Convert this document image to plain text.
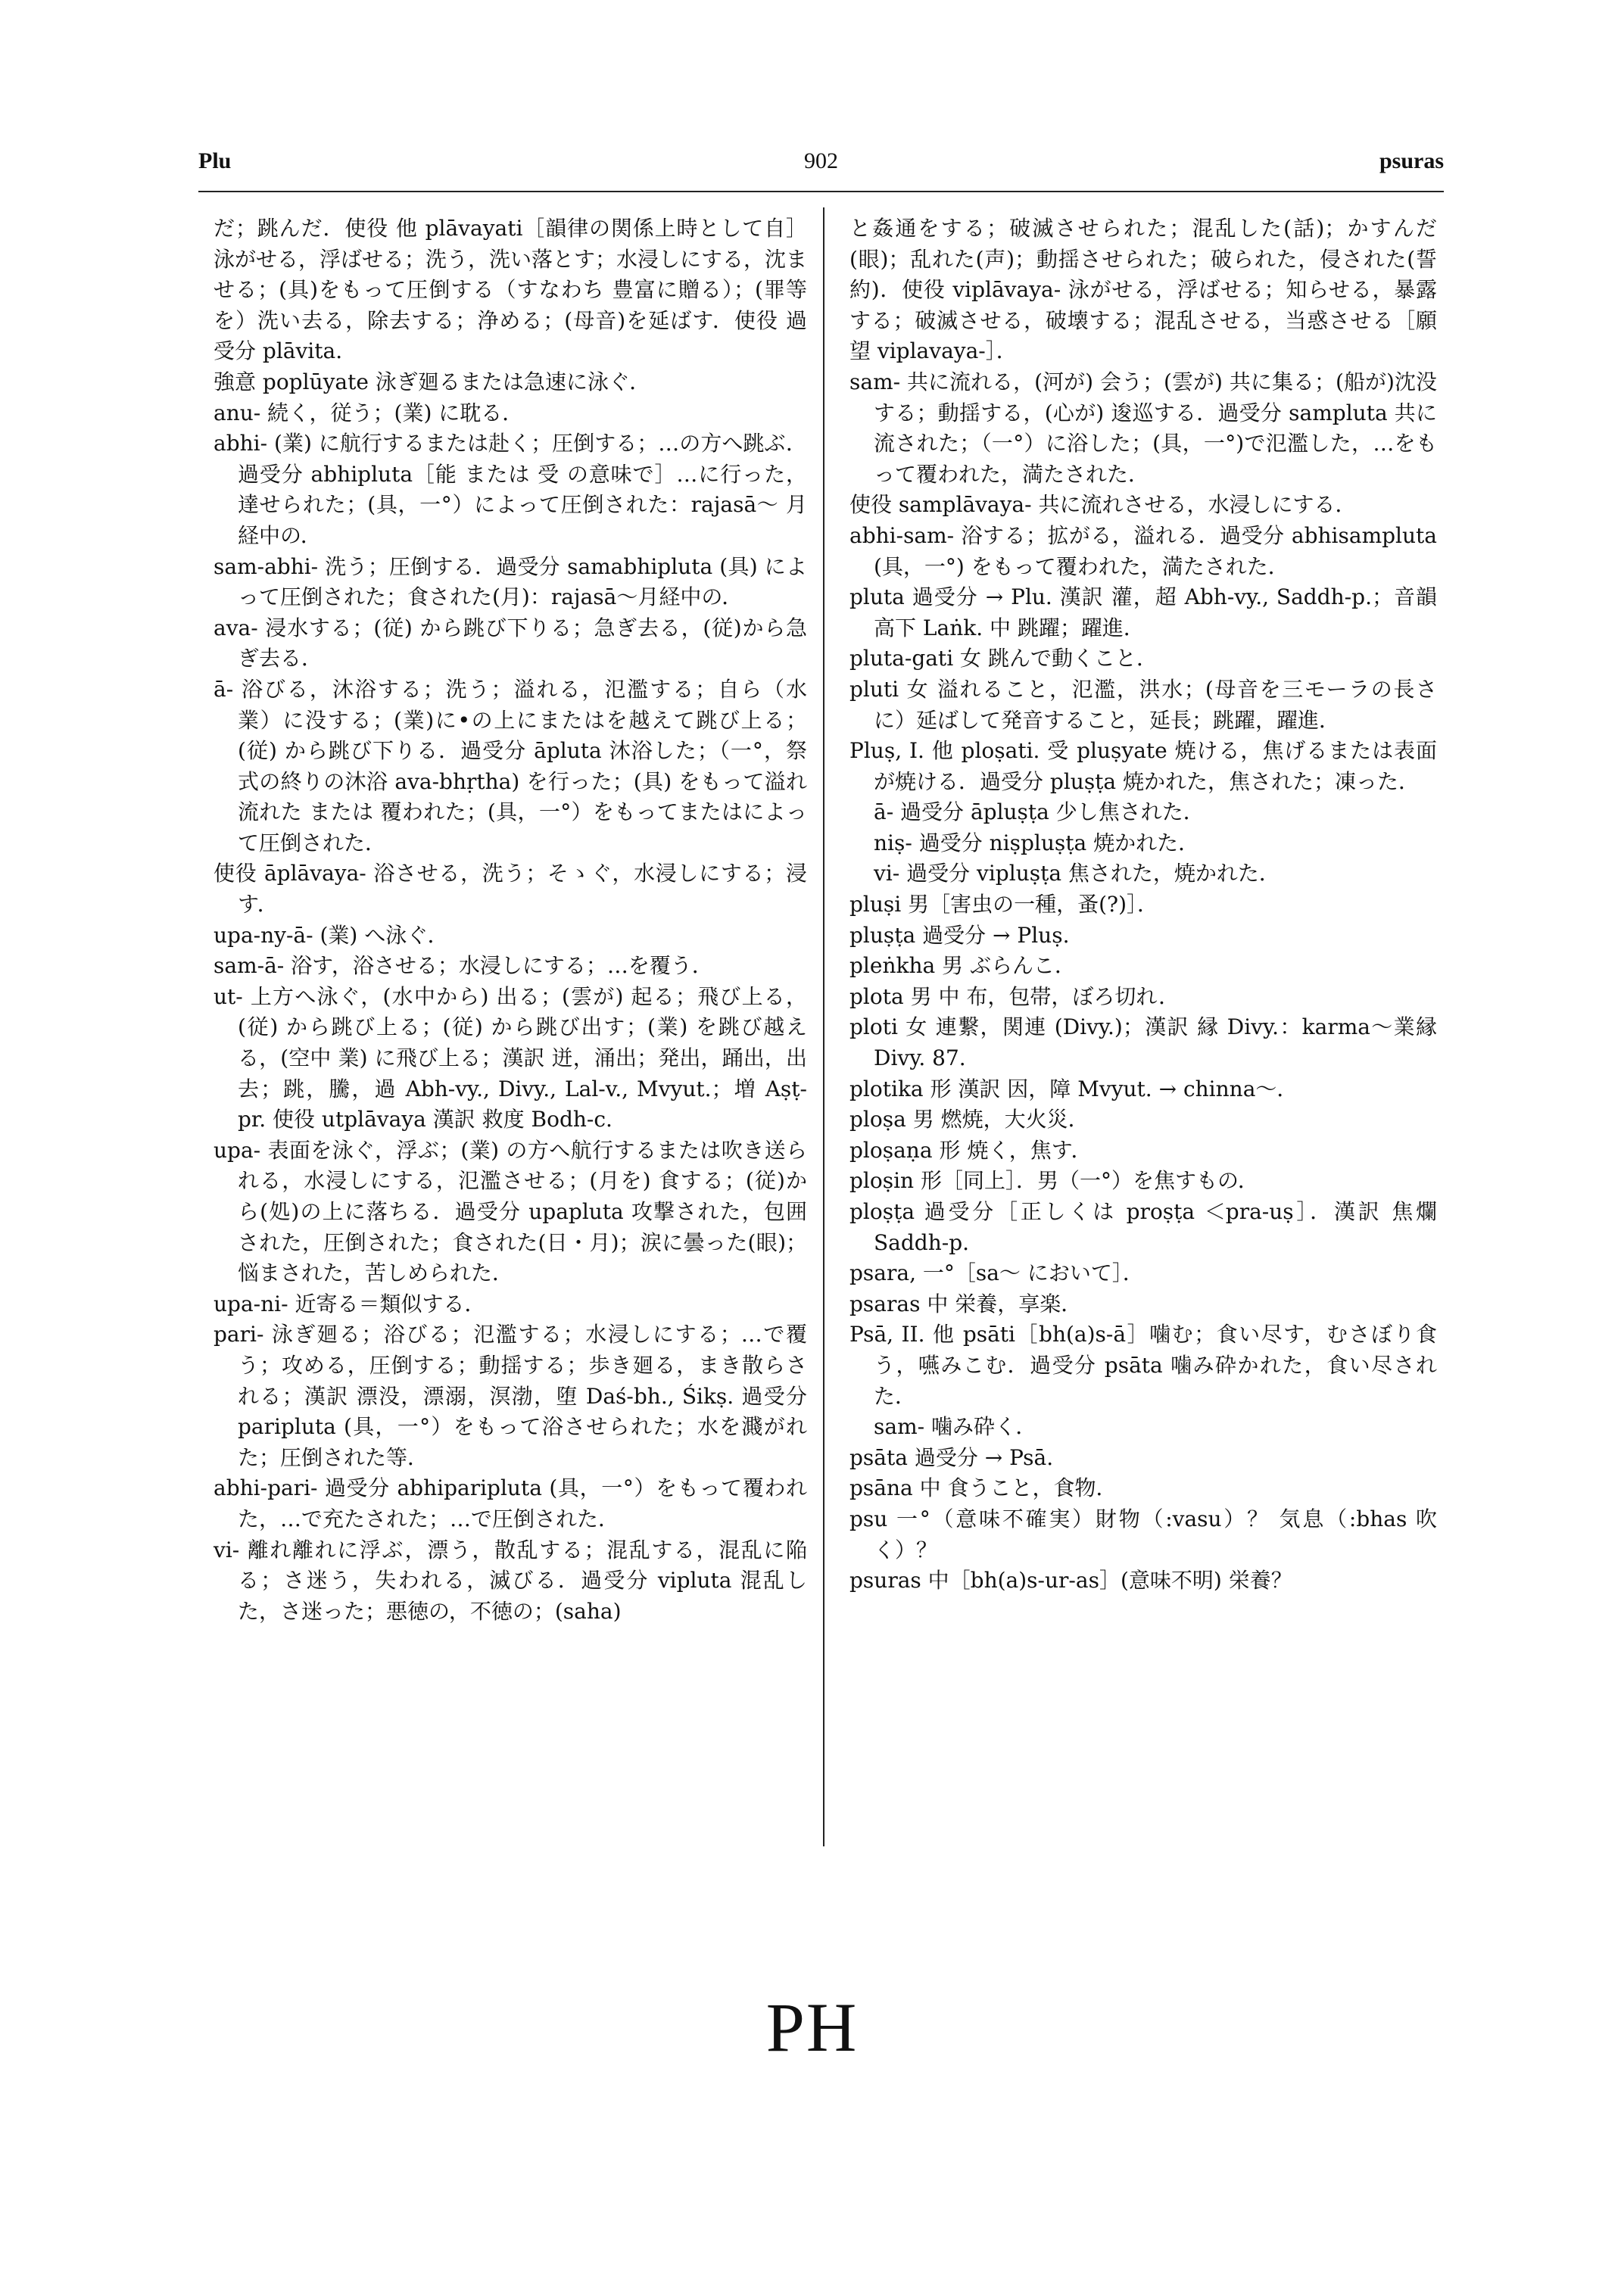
Plu	902	psuras

だ；跳んだ．使役 他 plāvayati［韻律の関係上時として自］泳がせる，浮ばせる；洗う，洗い落とす；水浸しにする，沈ませる；(具)をもって圧倒する（すなわち 豊富に贈る）；(罪等を）洗い去る，除去する；浄める；(母音)を延ばす．使役 過受分 plāvita.

強意 poplūyate 泳ぎ廻るまたは急速に泳ぐ．

anu- 続く，従う；(業) に耽る．

abhi- (業) に航行するまたは赴く；圧倒する；…の方へ跳ぶ．過受分 abhipluta［能 または 受 の意味で］…に行った，達せられた；(具，一°）によって圧倒された：rajasā～ 月経中の．

sam-abhi- 洗う；圧倒する．過受分 samabhipluta (具) によって圧倒された；食された(月)：rajasā～月経中の．

ava- 浸水する；(従) から跳び下りる；急ぎ去る，(従)から急ぎ去る．

ā- 浴びる，沐浴する；洗う；溢れる，氾濫する；自ら（水 業）に没する；(業)に•の上にまたはを越えて跳び上る；(従) から跳び下りる．過受分 āpluta 沐浴した；（一°，祭式の終りの沐浴 ava-bhṛtha) を行った；(具) をもって溢れ流れた または 覆われた；(具，一°）をもってまたはによって圧倒された．

使役 āplāvaya- 浴させる，洗う；そゝぐ，水浸しにする；浸す．

upa-ny-ā- (業) へ泳ぐ．

sam-ā- 浴す，浴させる；水浸しにする；…を覆う．

ut- 上方へ泳ぐ，(水中から) 出る；(雲が) 起る；飛び上る，(従) から跳び上る；(従) から跳び出す；(業) を跳び越える，(空中 業) に飛び上る；漢訳 迸，涌出；発出，踊出，出去；跳，騰，過 Abh-vy., Divy., Lal-v., Mvyut.；増 Aṣṭ-pr. 使役 utplāvaya 漢訳 救度 Bodh-c.

upa- 表面を泳ぐ，浮ぶ；(業) の方へ航行するまたは吹き送られる，水浸しにする，氾濫させる；(月を) 食する；(従)から(処)の上に落ちる．過受分 upapluta 攻撃された，包囲された，圧倒された；食された(日・月)；涙に曇った(眼)；悩まされた，苦しめられた．

upa-ni- 近寄る＝類似する．

pari- 泳ぎ廻る；浴びる；氾濫する；水浸しにする；…で覆う；攻める，圧倒する；動揺する；歩き廻る，まき散らされる；漢訳 漂没，漂溺，溟渤，堕 Daś-bh., Śikṣ. 過受分 paripluta (具，一°）をもって浴させられた；水を濺がれた；圧倒された等．

abhi-pari- 過受分 abhiparipluta (具，一°）をもって覆われた，…で充たされた；…で圧倒された．

vi- 離れ離れに浮ぶ，漂う，散乱する；混乱する，混乱に陥る；さ迷う，失われる，滅びる．過受分 vipluta 混乱した，さ迷った；悪徳の，不徳の；(saha)

と姦通をする；破滅させられた；混乱した(話)；かすんだ(眼)；乱れた(声)；動揺させられた；破られた，侵された(誓約)．使役 viplāvaya- 泳がせる，浮ばせる；知らせる，暴露する；破滅させる，破壊する；混乱させる，当惑させる［願望 viplavaya-］．

sam- 共に流れる，(河が) 会う；(雲が) 共に集る；(船が)沈没する；動揺する，(心が) 逡巡する．過受分 sampluta 共に流された；（一°）に浴した；(具，一°)で氾濫した，…をもって覆われた，満たされた．

使役 samplāvaya- 共に流れさせる，水浸しにする．

abhi-sam- 浴する；拡がる，溢れる．過受分 abhisampluta (具，一°) をもって覆われた，満たされた．

pluta 過受分 → Plu. 漢訳 灌，超 Abh-vy., Saddh-p.；音韻高下 Laṅk. 中 跳躍；躍進．

pluta-gati 女 跳んで動くこと．

pluti 女 溢れること，氾濫，洪水；(母音を三モーラの長さに）延ばして発音すること，延長；跳躍，躍進．

Pluṣ, I. 他 ploṣati. 受 pluṣyate 焼ける，焦げるまたは表面が焼ける．過受分 pluṣṭa 焼かれた，焦された；凍った．

ā- 過受分 āpluṣṭa 少し焦された．

niṣ- 過受分 niṣpluṣṭa 焼かれた．

vi- 過受分 vipluṣṭa 焦された，焼かれた．

pluṣi 男［害虫の一種，蚤(?)］．

pluṣṭa 過受分 → Pluṣ.

pleṅkha 男 ぶらんこ．

plota 男 中 布，包帯，ぼろ切れ．

ploti 女 連繋，関連 (Divy.)；漢訳 縁 Divy.：karma～業縁 Divy. 87.

plotika 形 漢訳 因，障 Mvyut. → chinna～．

ploṣa 男 燃焼，大火災．

ploṣaṇa 形 焼く，焦す．

ploṣin 形［同上］．男（一°）を焦すもの．

ploṣṭa 過受分［正しくは proṣṭa ＜pra-uṣ］．漢訳 焦爛 Saddh-p.

psara, 一°［sa～ において］．

psaras 中 栄養，享楽．

Psā, II. 他 psāti［bh(a)s-ā］噛む；食い尽す，むさぼり食う，嚥みこむ．過受分 psāta 噛み砕かれた，食い尽された．

sam- 噛み砕く．

psāta 過受分 → Psā.

psāna 中 食うこと，食物．

psu 一°（意味不確実）財物（:vasu）？ 気息（:bhas 吹く）？

psuras 中［bh(a)s-ur-as］(意味不明) 栄養？

PH
